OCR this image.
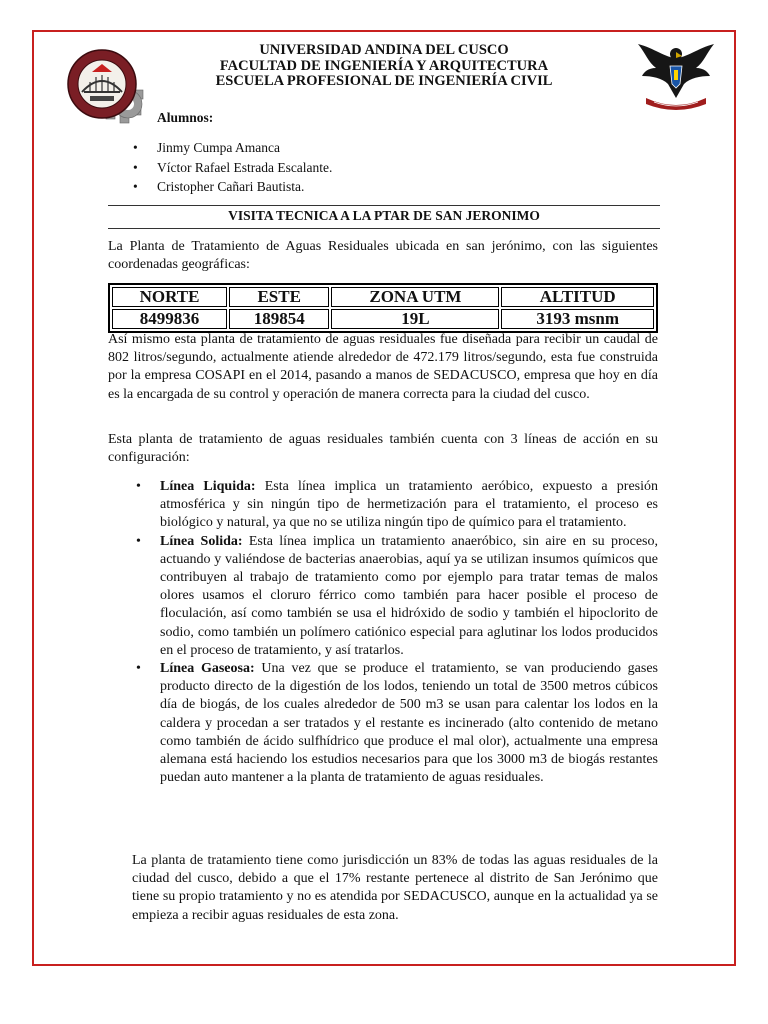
UNIVERSIDAD ANDINA DEL CUSCO
FACULTAD DE INGENIERÍA Y ARQUITECTURA
ESCUELA PROFESIONAL DE INGENIERÍA CIVIL
Alumnos:
• Jinmy Cumpa Amanca
• Víctor Rafael Estrada Escalante.
• Cristopher Cañari Bautista.
VISITA TECNICA A LA PTAR DE SAN JERONIMO

La Planta de Tratamiento de Aguas Residuales ubicada en san jerónimo, con las siguientes coordenadas geográficas:

NORTE	ESTE	ZONA UTM	ALTITUD
8499836	189854	19L	3193 msnm

Así mismo esta planta de tratamiento de aguas residuales fue diseñada para recibir un caudal de 802 litros/segundo, actualmente atiende alrededor de 472.179 litros/segundo, esta fue construida por la empresa COSAPI en el 2014, pasando a manos de SEDACUSCO, empresa que hoy en día es la encargada de su control y operación de manera correcta para la ciudad del cusco.

Esta planta de tratamiento de aguas residuales también cuenta con 3 líneas de acción en su configuración:

• Línea Liquida: Esta línea implica un tratamiento aeróbico, expuesto a presión atmosférica y sin ningún tipo de hermetización para el tratamiento, el proceso es biológico y natural, ya que no se utiliza ningún tipo de químico para el tratamiento.
• Línea Solida: Esta línea implica un tratamiento anaeróbico, sin aire en su proceso, actuando y valiéndose de bacterias anaerobias, aquí ya se utilizan insumos químicos que contribuyen al trabajo de tratamiento como por ejemplo para tratar temas de malos olores usamos el cloruro férrico como también para hacer posible el proceso de floculación, así como también se usa el hidróxido de sodio y también el hipoclorito de sodio, como también un polímero catiónico especial para aglutinar los lodos producidos en el proceso de tratamiento, y así tratarlos.
• Línea Gaseosa: Una vez que se produce el tratamiento, se van produciendo gases producto directo de la digestión de los lodos, teniendo un total de 3500 metros cúbicos día de biogás, de los cuales alrededor de 500 m3 se usan para calentar los lodos en la caldera y procedan a ser tratados y el restante es incinerado (alto contenido de metano como también de ácido sulfhídrico que produce el mal olor), actualmente una empresa alemana está haciendo los estudios necesarios para que los 3000 m3 de biogás restantes puedan auto mantener a la planta de tratamiento de aguas residuales.

La planta de tratamiento tiene como jurisdicción un 83% de todas las aguas residuales de la ciudad del cusco, debido a que el 17% restante pertenece al distrito de San Jerónimo que tiene su propio tratamiento y no es atendida por SEDACUSCO, aunque en la actualidad ya se empieza a recibir aguas residuales de esta zona.
